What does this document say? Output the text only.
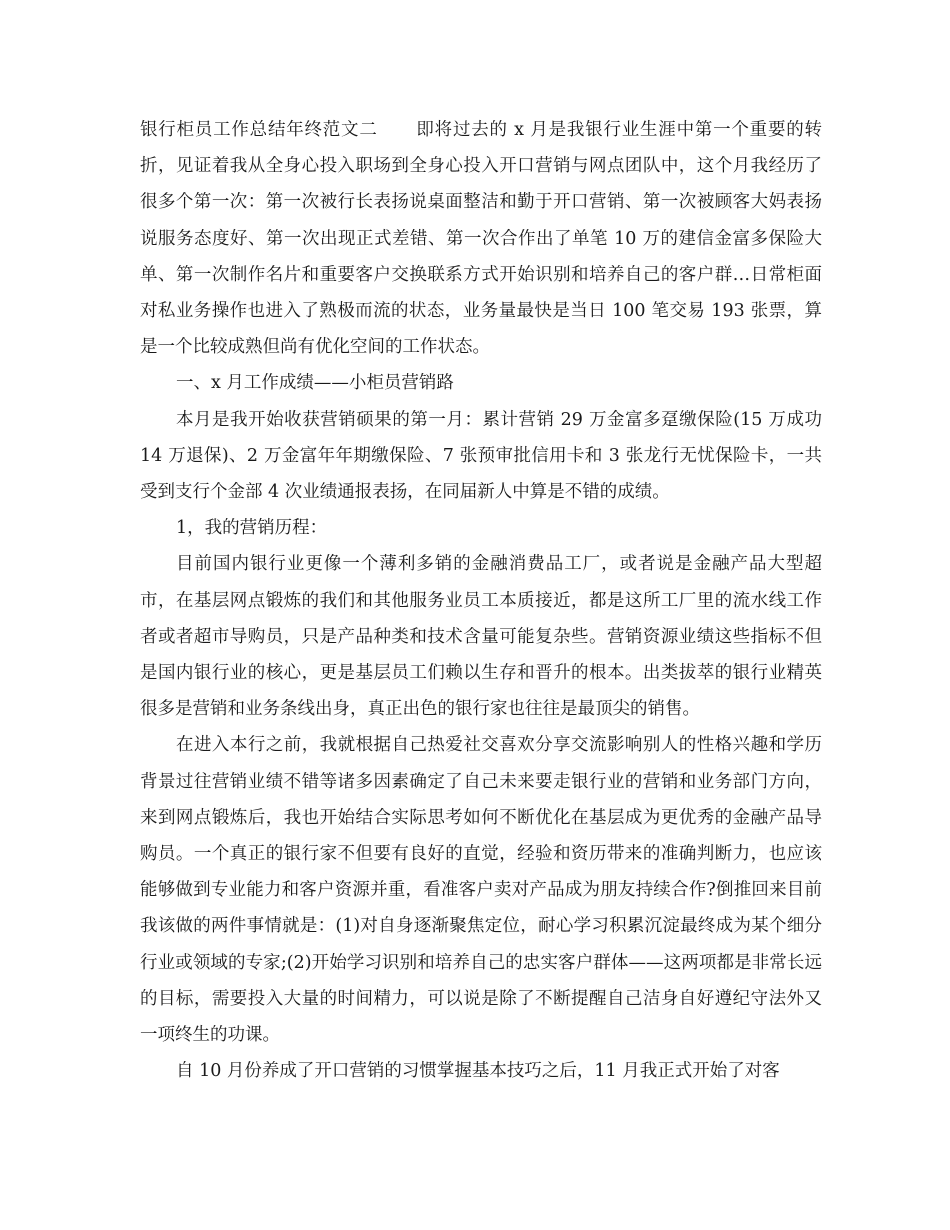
银行柜员工作总结年终范文二 即将过去的 x 月是我银行业生涯中第一个重要的转折，见证着我从全身心投入职场到全身心投入开口营销与网点团队中，这个月我经历了很多个第一次：第一次被行长表扬说桌面整洁和勤于开口营销、第一次被顾客大妈表扬说服务态度好、第一次出现正式差错、第一次合作出了单笔 10 万的建信金富多保险大单、第一次制作名片和重要客户交换联系方式开始识别和培养自己的客户群…日常柜面对私业务操作也进入了熟极而流的状态，业务量最快是当日 100 笔交易 193 张票，算是一个比较成熟但尚有优化空间的工作状态。

一、x 月工作成绩——小柜员营销路

本月是我开始收获营销硕果的第一月：累计营销 29 万金富多趸缴保险(15 万成功 14 万退保)、2 万金富年年期缴保险、7 张预审批信用卡和 3 张龙行无忧保险卡，一共受到支行个金部 4 次业绩通报表扬，在同届新人中算是不错的成绩。

1，我的营销历程：

目前国内银行业更像一个薄利多销的金融消费品工厂，或者说是金融产品大型超市，在基层网点锻炼的我们和其他服务业员工本质接近，都是这所工厂里的流水线工作者或者超市导购员，只是产品种类和技术含量可能复杂些。营销资源业绩这些指标不但是国内银行业的核心，更是基层员工们赖以生存和晋升的根本。出类拔萃的银行业精英很多是营销和业务条线出身，真正出色的银行家也往往是最顶尖的销售。

在进入本行之前，我就根据自己热爱社交喜欢分享交流影响别人的性格兴趣和学历背景过往营销业绩不错等诸多因素确定了自己未来要走银行业的营销和业务部门方向，来到网点锻炼后，我也开始结合实际思考如何不断优化在基层成为更优秀的金融产品导购员。一个真正的银行家不但要有良好的直觉，经验和资历带来的准确判断力，也应该能够做到专业能力和客户资源并重，看准客户卖对产品成为朋友持续合作?倒推回来目前我该做的两件事情就是：(1)对自身逐渐聚焦定位，耐心学习积累沉淀最终成为某个细分行业或领域的专家;(2)开始学习识别和培养自己的忠实客户群体——这两项都是非常长远的目标，需要投入大量的时间精力，可以说是除了不断提醒自己洁身自好遵纪守法外又一项终生的功课。

自 10 月份养成了开口营销的习惯掌握基本技巧之后，11 月我正式开始了对客
